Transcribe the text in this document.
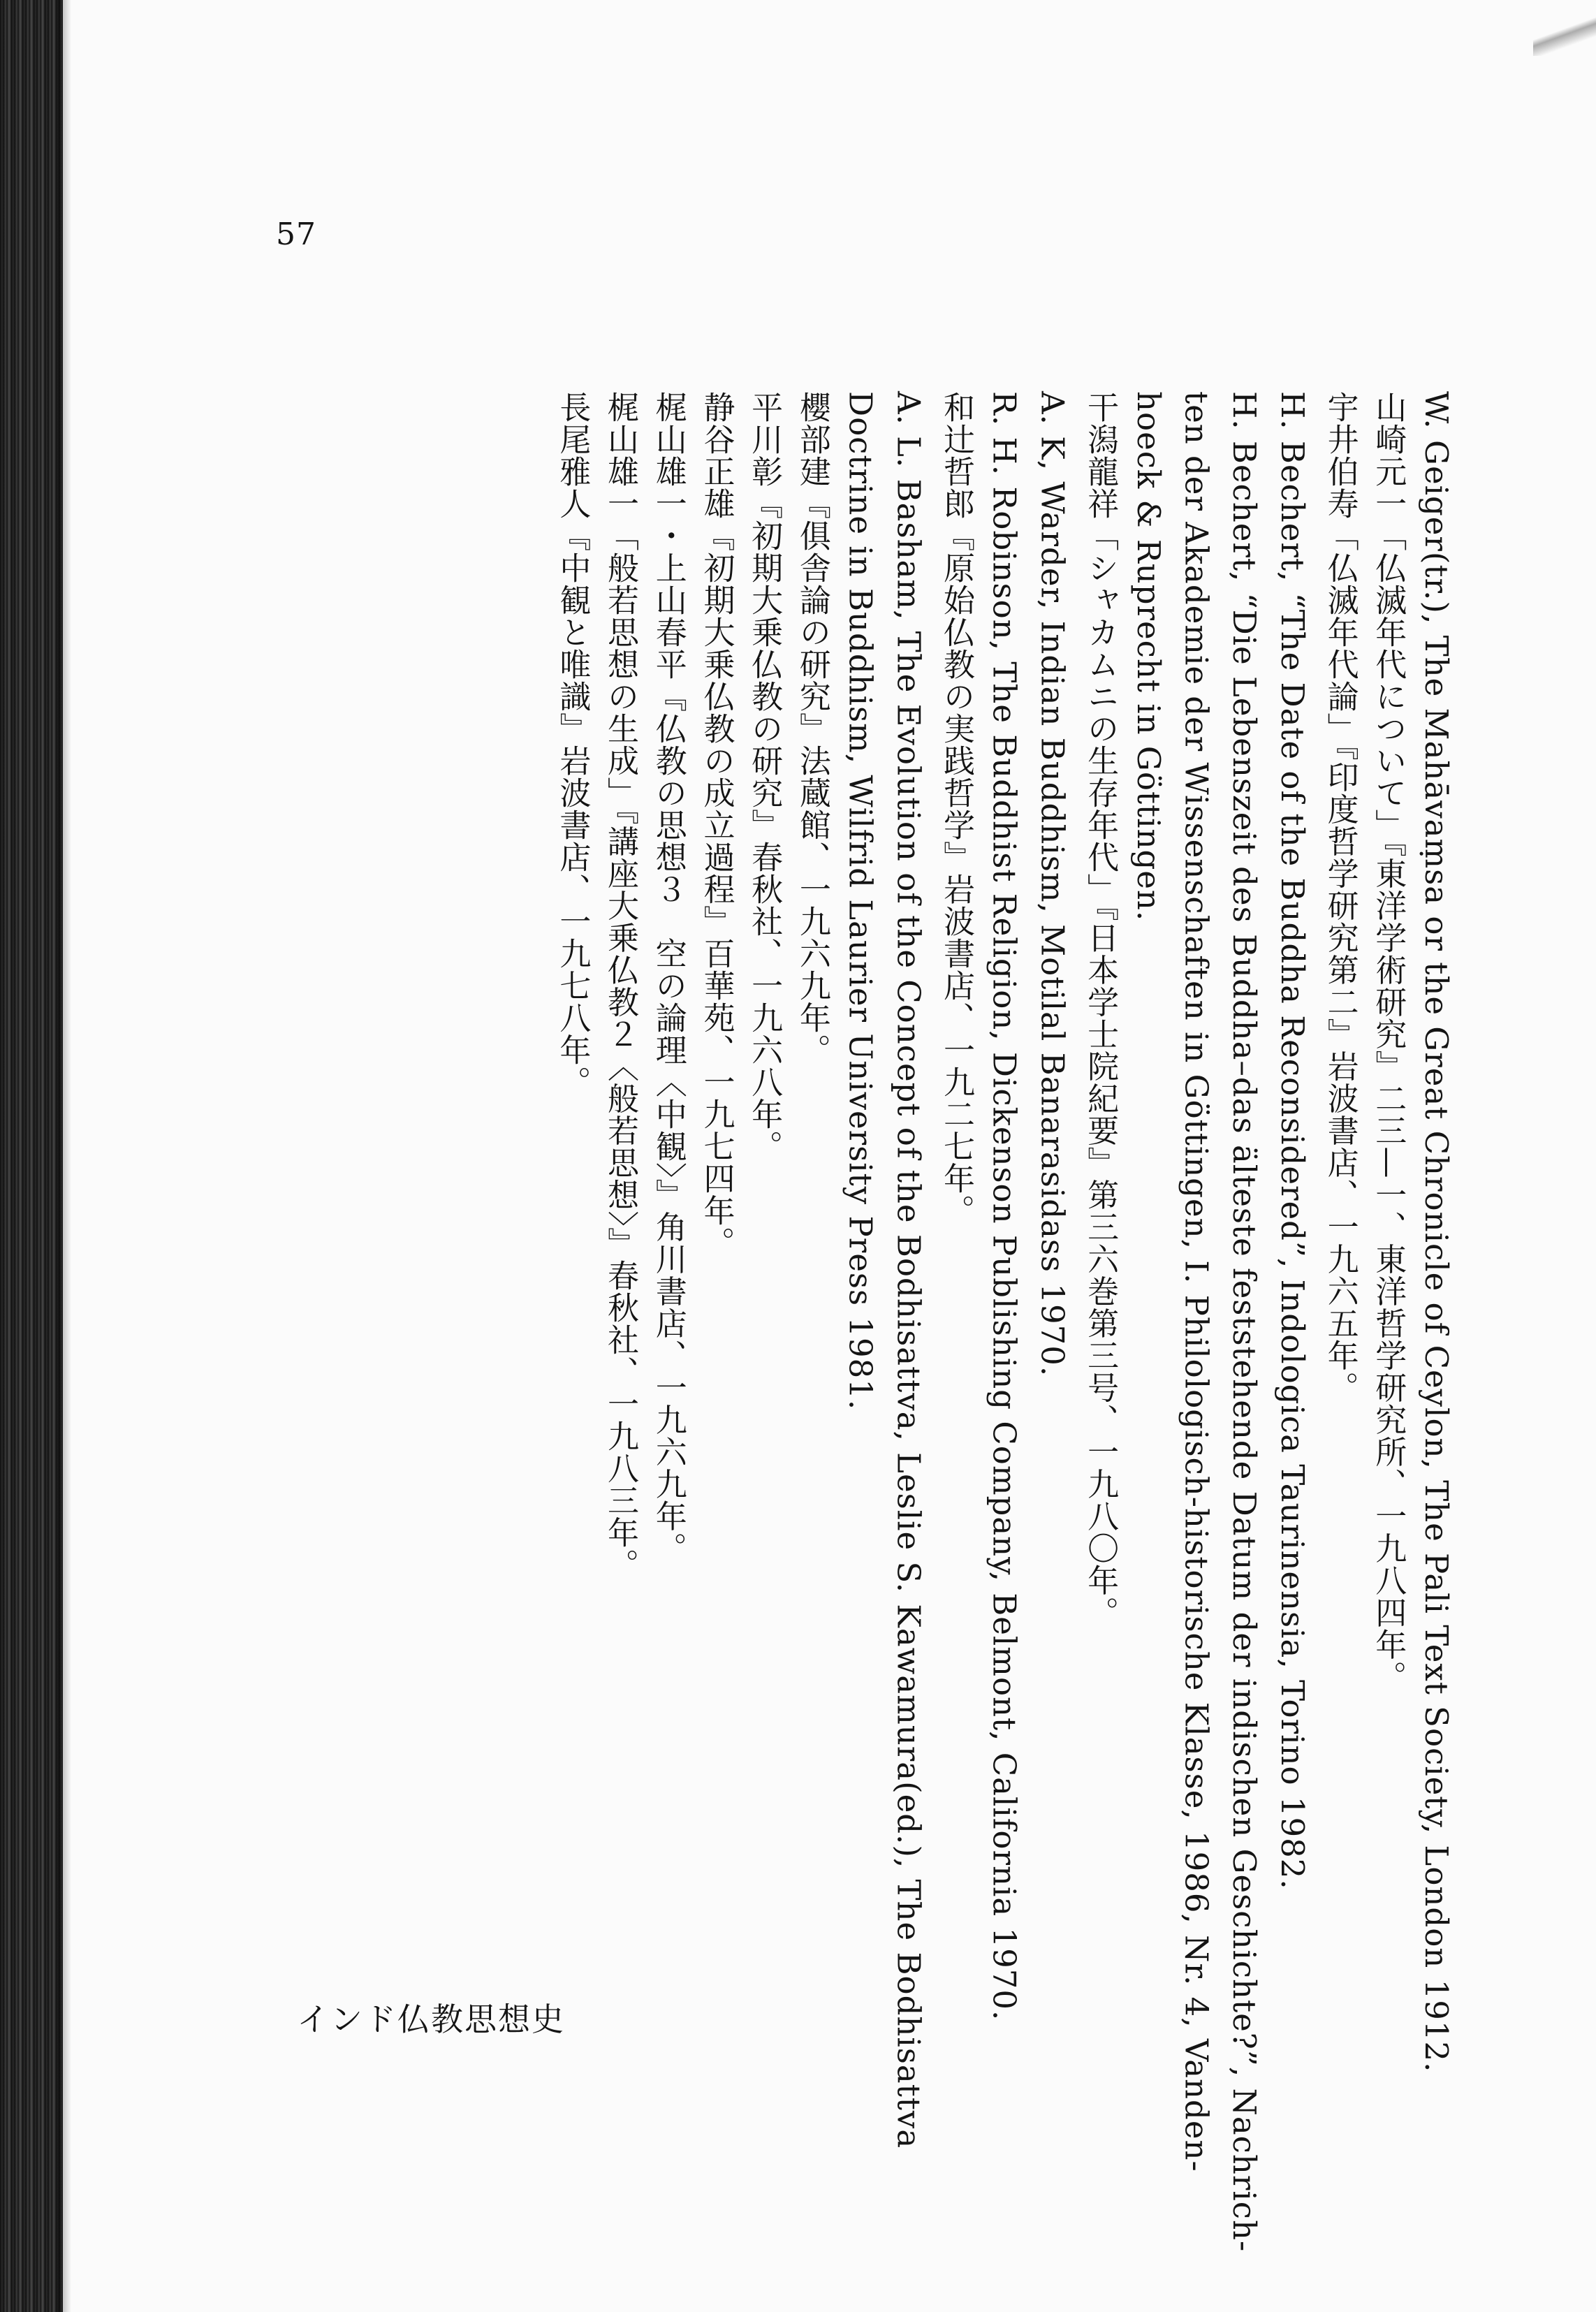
57
W. Geiger(tr.), The Mahāvaṃsa or the Great Chronicle of Ceylon, The Pali Text Society, London 1912.
山崎元一「仏滅年代について」『東洋学術研究』二三—一、東洋哲学研究所、一九八四年。
宇井伯寿「仏滅年代論」『印度哲学研究第二』岩波書店、一九六五年。
H. Bechert, “The Date of the Buddha Reconsidered”, Indologica Taurinensia, Torino 1982.
H. Bechert, “Die Lebenszeit des Buddha–das älteste feststehende Datum der indischen Geschichte?”, Nachrich-
ten der Akademie der Wissenschaften in Göttingen, I. Philologisch-historische Klasse, 1986, Nr. 4, Vanden-
hoeck & Ruprecht in Göttingen.
干潟龍祥「シャカムニの生存年代」『日本学士院紀要』第三六巻第三号、一九八〇年。
A. K, Warder, Indian Buddhism, Motilal Banarasidass 1970.
R. H. Robinson, The Buddhist Religion, Dickenson Publishing Company, Belmont, California 1970.
和辻哲郎『原始仏教の実践哲学』岩波書店、一九二七年。
A. L. Basham, The Evolution of the Concept of the Bodhisattva, Leslie S. Kawamura(ed.), The Bodhisattva
Doctrine in Buddhism, Wilfrid Laurier University Press 1981.
櫻部建『俱舎論の研究』法蔵館、一九六九年。
平川彰『初期大乗仏教の研究』春秋社、一九六八年。
静谷正雄『初期大乗仏教の成立過程』百華苑、一九七四年。
梶山雄一・上山春平『仏教の思想３　空の論理〈中観〉』角川書店、一九六九年。
梶山雄一「般若思想の生成」『講座大乗仏教２〈般若思想〉』春秋社、一九八三年。
長尾雅人『中観と唯識』岩波書店、一九七八年。
インド仏教思想史
